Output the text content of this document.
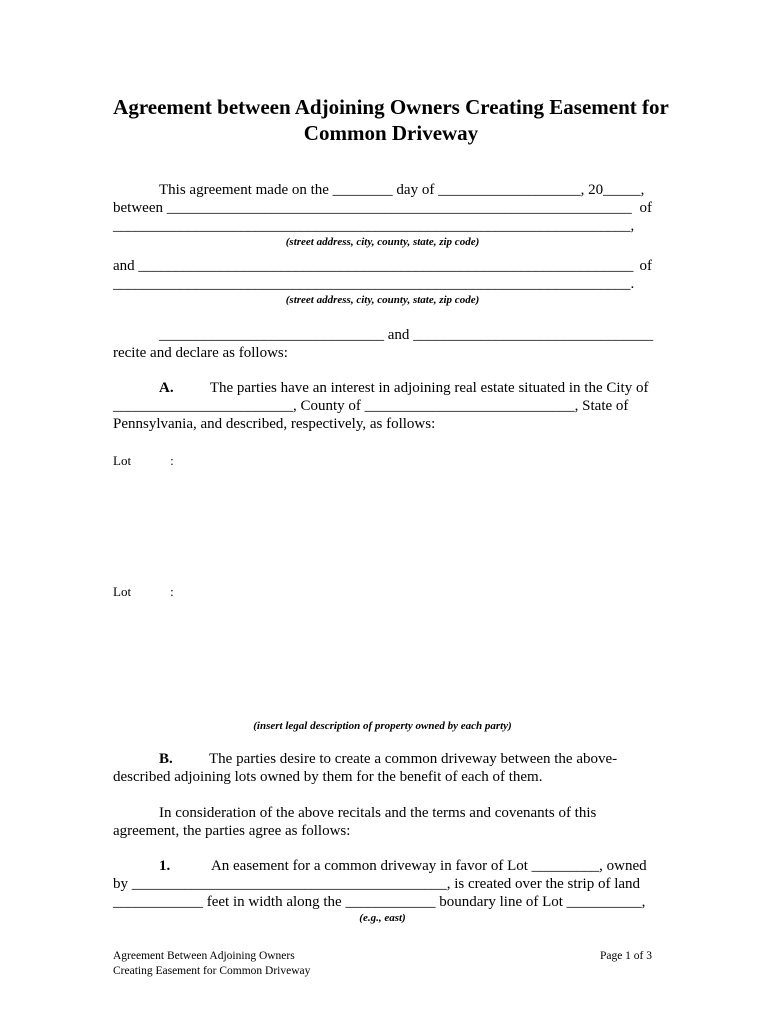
Agreement between Adjoining Owners Creating Easement for
Common Driveway
This agreement made on the ________ day of ___________________, 20_____,
between ______________________________________________________________ of
_____________________________________________________________________,
(street address, city, county, state, zip code)
and __________________________________________________________________ of
_____________________________________________________________________.
(street address, city, county, state, zip code)
______________________________ and ________________________________
recite and declare as follows:
A. The parties have an interest in adjoining real estate situated in the City of
________________________, County of ____________________________, State of
Pennsylvania, and described, respectively, as follows:
Lot	:
Lot	:
(insert legal description of property owned by each party)
B. The parties desire to create a common driveway between the above-
described adjoining lots owned by them for the benefit of each of them.
In consideration of the above recitals and the terms and covenants of this
agreement, the parties agree as follows:
1.	An easement for a common driveway in favor of Lot _________, owned
by __________________________________________, is created over the strip of land
____________ feet in width along the ____________ boundary line of Lot __________,
(e.g., east)
Agreement Between Adjoining Owners
Creating Easement for Common Driveway
Page 1 of 3
